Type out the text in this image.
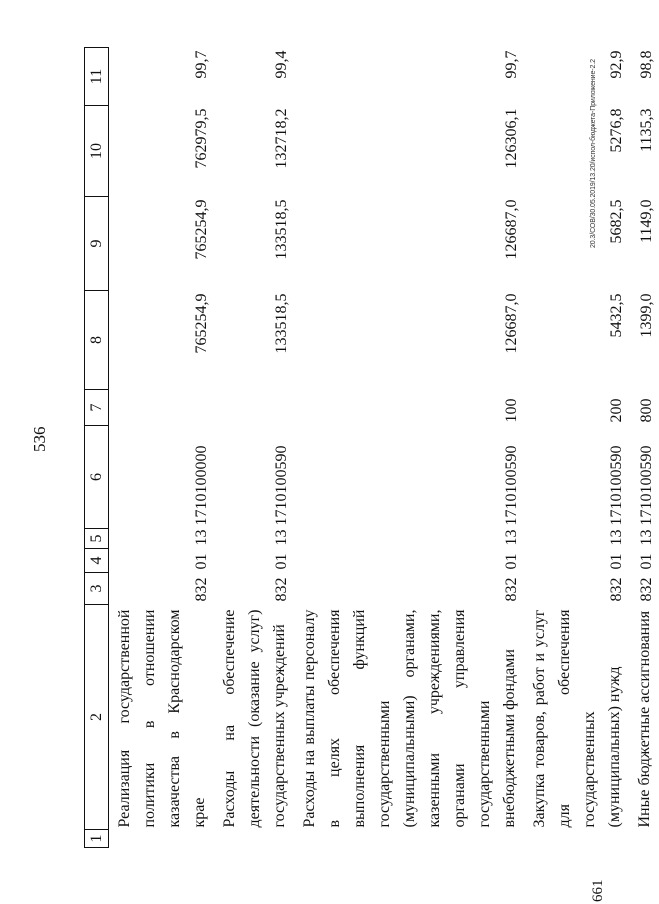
536
20.3/СОВ/30.05.2019/13.20/испол-бюджета-Приложение-2.2
661
1	2	3	4	5	6	7	8	9	10	11
	Реализация государственной политики в отношении казачества в Краснодарском крае	832	01	13	1710100000		765254,9	765254,9	762979,5	99,7
	Расходы на обеспечение деятельности (оказание услуг) государственных учреждений	832	01	13	1710100590		133518,5	133518,5	132718,2	99,4
	Расходы на выплаты персоналу в целях обеспечения выполнения функций государственными (муниципальными) органами, казенными учреждениями, органами управления государственными внебюджетными фондами	832	01	13	1710100590	100	126687,0	126687,0	126306,1	99,7
	Закупка товаров, работ и услуг для обеспечения государственных (муниципальных) нужд	832	01	13	1710100590	200	5432,5	5682,5	5276,8	92,9
	Иные бюджетные ассигнования	832	01	13	1710100590	800	1399,0	1149,0	1135,3	98,8
